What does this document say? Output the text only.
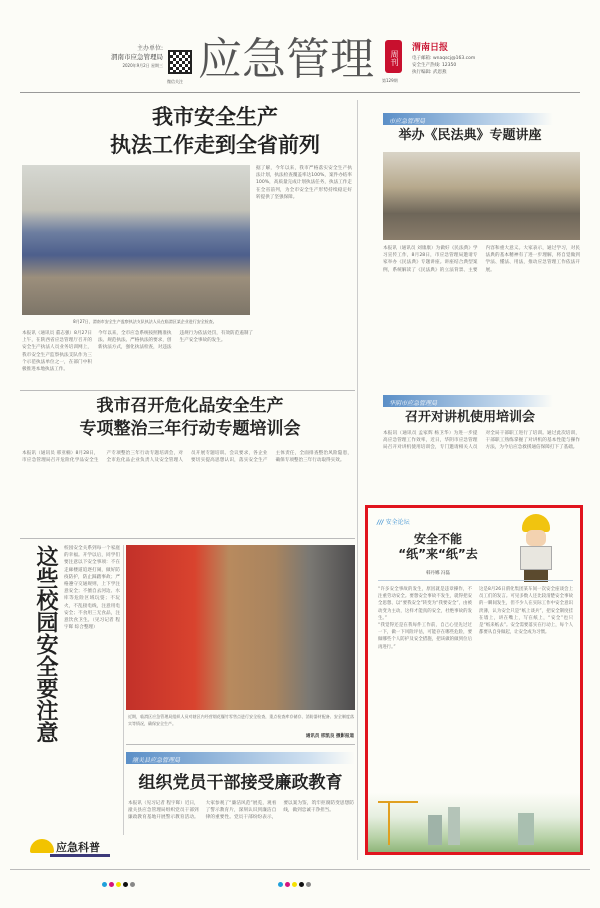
主办单位:
渭南市应急管理局
2020年9月2日 星期三
微信关注 应急管理	周刊
第129期
渭南日报
电子邮箱: wnaqscj@163.com
安全生产热线: 12350
执行编辑: 武恩燕
我市安全生产
执法工作走到全省前列
据了解，今年以来，我市严格落实安全生产执法计划，执法检查覆盖率达100%，案件办结率100%，高质量完成计划执法任务，执法工作走在全省前列，为全市安全生产形势持续稳定好转提供了坚强保障。
8月27日，渭南市安全生产监察执法支队执法人员在临渭区某企业进行安全检查。
本报讯（通讯员 董志强）8月27日上午，在陕西省应急管理厅召开的安全生产执法人员业务培训网上，我市安全生产监察执法支队作为三个示范执法单位之一，在部门中积极推进本地执法工作。
今年以来，全市应急系统按照精准执法、规范执法、严格执法的要求，创新执法方式，强化执法检查，对违法违规行为依法处罚，有效防范遏制了生产安全事故的发生。
我市召开危化品安全生产
专项整治三年行动专题培训会
本报讯（通讯员 邢亚楠）8月28日，市应急管理局召开危险化学品安全生产专项整治三年行动专题培训会，对全市危化品企业负责人及安全管理人员开展专题培训。会议要求，各企业要切实提高思想认识，落实安全生产主体责任，全面排查整治风险隐患，确保专项整治三年行动取得实效。
这些校园安全要注意 校园安全关系到每一个家庭的幸福。开学以后，同学们要注意以下安全事项：不在走廊楼道追逐打闹，做好防疫防护，防止踩踏事故；严格遵守交通规则，上下学注意安全；不擅自去河边、水库等危险区域玩耍；不玩火，不乱接电线，注意用电安全；不食用三无食品，注意饮食卫生。（见习记者 程宇晖 综合整理）
应急科普
近期，临渭区应急管理局组织人员对辖区内经营烟花爆竹零售点进行安全检查，重点检查库存储存、消防器材配备、安全制度落实等情况，确保安全生产。
通讯员 邢凯良 摄影报道
潼关县应急管理局
组织党员干部接受廉政教育
本报讯（见习记者 程宇晖）近日，潼关县应急管理局组织党员干部到廉政教育基地开展警示教育活动。大家参观了“廉洁风范”展览，观看了警示教育片，深刻认识到廉洁自律的重要性。党员干部纷纷表示，要以案为鉴，筑牢拒腐防变思想防线，做到忠诚干净担当。
市应急管理局
举办《民法典》专题讲座
本报讯（通讯员 刘康康）为做好《民法典》学习宣传工作，8月28日，市应急管理局邀请专家举办《民法典》专题讲座。讲座结合典型案例，系统解读了《民法典》的立法背景、主要内容和重大意义。大家表示，通过学习，对民法典的基本精神有了进一步理解，将自觉做到学法、懂法、用法，推动应急管理工作依法开展。
华阴市应急管理局
召开对讲机使用培训会
本报讯（通讯员 孟家辉 杨卫华）为进一步提高应急管理工作效率，近日，华阴市应急管理局召开对讲机使用培训会，专门邀请相关人员对全局干部职工进行了培训。通过此次培训，干部职工熟练掌握了对讲机的基本性能与操作方法，为今后应急救援通信保障打下了基础。
/// 安全论坛
安全不能
“纸”来“纸”去
韩丹娜 冯磊

“许多安全事故的发生，原因就是违章操作，不注重劳动安全。要想安全事故不发生，就得把安全思想、以“要我安全”转变为“我要安全”，由被动变为主动，这样才能真的安全，杜绝事故的发生。”

“我觉得还是在我每件工作前，自己心里先过过一下，做一下风险评估，可能存在哪些危险，要做哪些个人防护及安全措施，把该做的做到位后再进行。”

这是8月26日渭化集团某车间一次安全座谈会上员工们的发言。可见多数人还比较清楚安全事故的一瞬间发生，但不少人在实际工作中安全意识淡薄，认为安全只是“纸上谈兵”，把安全制度挂在墙上，讲在嘴上，写在纸上，“安全”也只是“纸来纸去”。安全需要落实在行动上，每个人都要从自身做起，让安全成为习惯。
